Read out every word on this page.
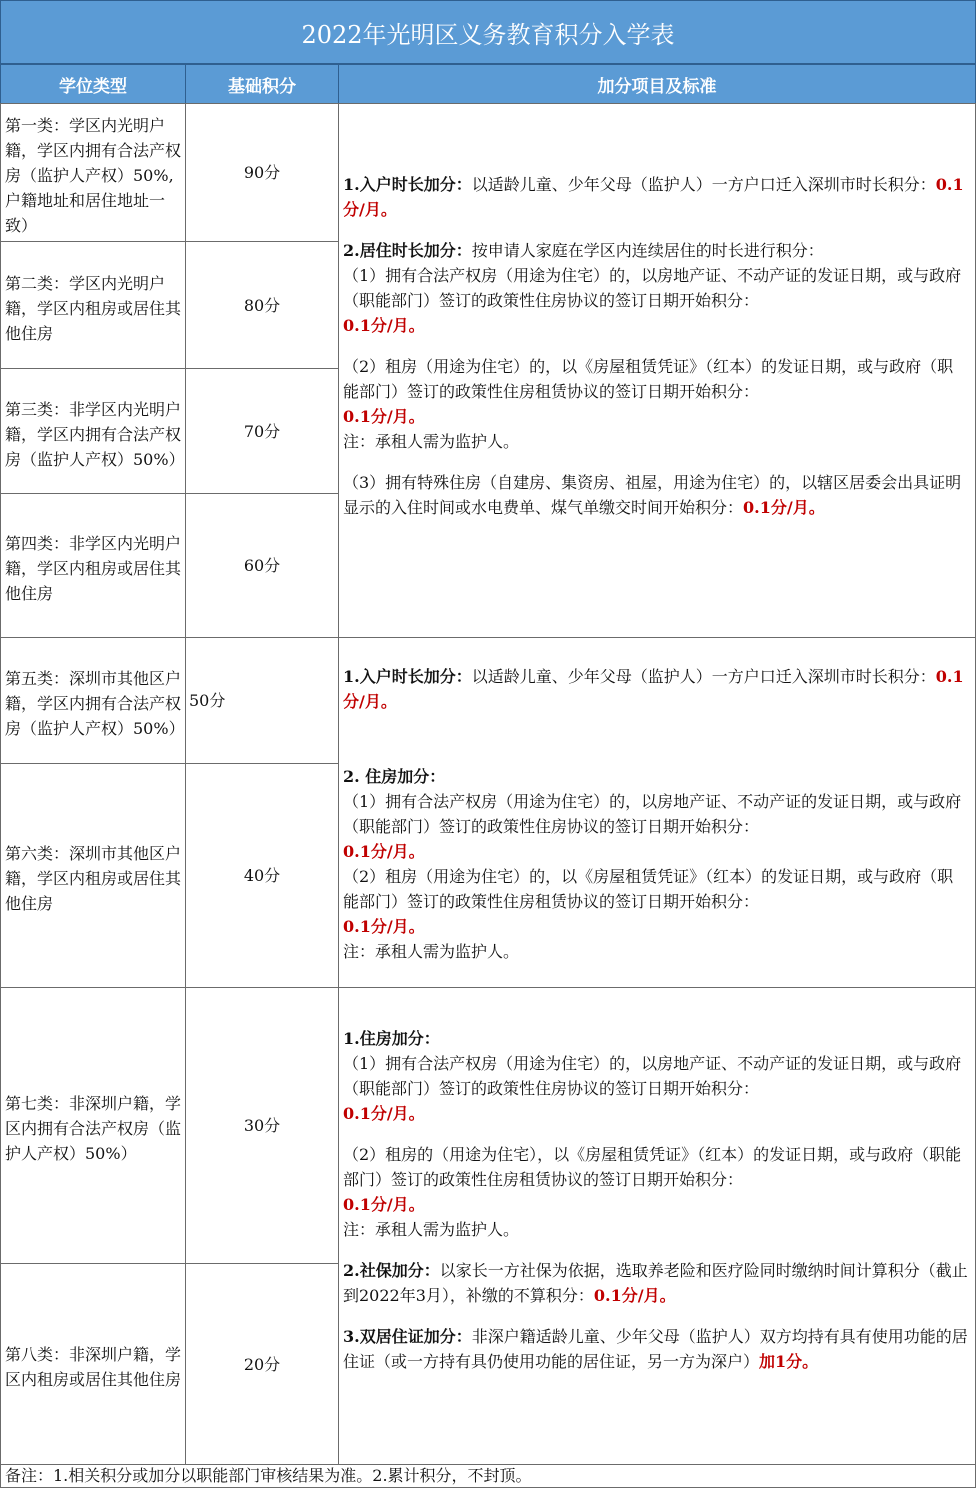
2022年光明区义务教育积分入学表
学位类型	基础积分	加分项目及标准
第一类：学区内光明户籍，学区内拥有合法产权房（监护人产权）50%,户籍地址和居住地址一致）
第二类：学区内光明户籍，学区内租房或居住其他住房
第三类：非学区内光明户籍，学区内拥有合法产权房（监护人产权）50%）
第四类：非学区内光明户籍，学区内租房或居住其他住房
第五类：深圳市其他区户籍，学区内拥有合法产权房（监护人产权）50%）
第六类：深圳市其他区户籍，学区内租房或居住其他住房
第七类：非深圳户籍，学区内拥有合法产权房（监护人产权）50%）
第八类：非深圳户籍，学区内租房或居住其他住房
90分
80分
70分
60分
50分
40分
30分
20分

1.入户时长加分：以适龄儿童、少年父母（监护人）一方户口迁入深圳市时长积分：0.1分/月。

2.居住时长加分：按申请人家庭在学区内连续居住的时长进行积分：

（1）拥有合法产权房（用途为住宅）的，以房地产证、不动产证的发证日期，或与政府（职能部门）签订的政策性住房协议的签订日期开始积分：
0.1分/月。

（2）租房（用途为住宅）的，以《房屋租赁凭证》（红本）的发证日期，或与政府（职能部门）签订的政策性住房租赁协议的签订日期开始积分：
0.1分/月。
注：承租人需为监护人。

（3）拥有特殊住房（自建房、集资房、祖屋，用途为住宅）的，以辖区居委会出具证明显示的入住时间或水电费单、煤气单缴交时间开始积分：0.1分/月。

1.入户时长加分：以适龄儿童、少年父母（监护人）一方户口迁入深圳市时长积分：0.1分/月。

2. 住房加分：

（1）拥有合法产权房（用途为住宅）的，以房地产证、不动产证的发证日期，或与政府（职能部门）签订的政策性住房协议的签订日期开始积分：
0.1分/月。

（2）租房（用途为住宅）的，以《房屋租赁凭证》（红本）的发证日期，或与政府（职能部门）签订的政策性住房租赁协议的签订日期开始积分：
0.1分/月。
注：承租人需为监护人。

1.住房加分：

（1）拥有合法产权房（用途为住宅）的，以房地产证、不动产证的发证日期，或与政府（职能部门）签订的政策性住房协议的签订日期开始积分：
0.1分/月。

（2）租房的（用途为住宅），以《房屋租赁凭证》（红本）的发证日期，或与政府（职能部门）签订的政策性住房租赁协议的签订日期开始积分：
0.1分/月。
注：承租人需为监护人。

2.社保加分：以家长一方社保为依据，选取养老险和医疗险同时缴纳时间计算积分（截止到2022年3月），补缴的不算积分：0.1分/月。

3.双居住证加分：非深户籍适龄儿童、少年父母（监护人）双方均持有具有使用功能的居住证（或一方持有具仍使用功能的居住证，另一方为深户）加1分。

备注：1.相关积分或加分以职能部门审核结果为准。2.累计积分，不封顶。
